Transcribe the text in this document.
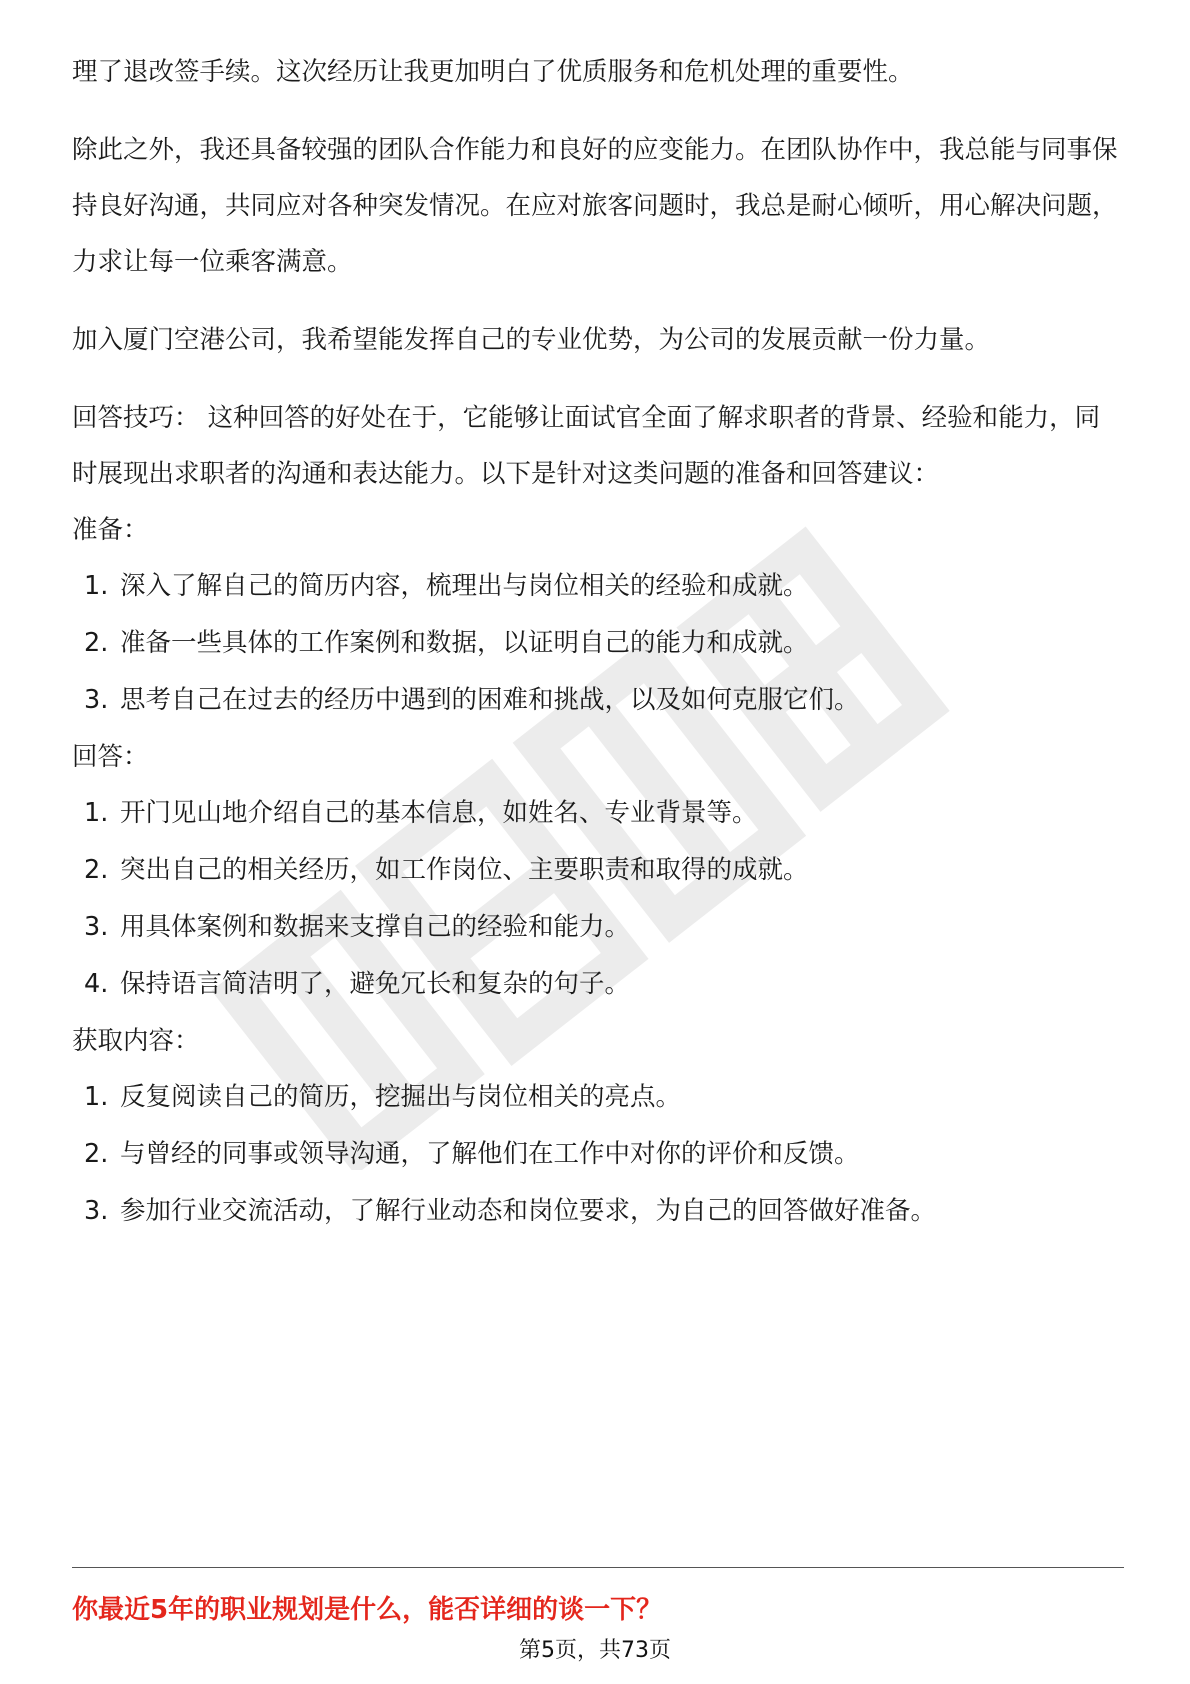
理了退改签手续。这次经历让我更加明白了优质服务和危机处理的重要性。

除此之外，我还具备较强的团队合作能力和良好的应变能力。在团队协作中，我总能与同事保持良好沟通，共同应对各种突发情况。在应对旅客问题时，我总是耐心倾听，用心解决问题，力求让每一位乘客满意。

加入厦门空港公司，我希望能发挥自己的专业优势，为公司的发展贡献一份力量。

回答技巧： 这种回答的好处在于，它能够让面试官全面了解求职者的背景、经验和能力，同时展现出求职者的沟通和表达能力。以下是针对这类问题的准备和回答建议：

准备：

1. 深入了解自己的简历内容，梳理出与岗位相关的经验和成就。
2. 准备一些具体的工作案例和数据，以证明自己的能力和成就。
3. 思考自己在过去的经历中遇到的困难和挑战，以及如何克服它们。

回答：

1. 开门见山地介绍自己的基本信息，如姓名、专业背景等。
2. 突出自己的相关经历，如工作岗位、主要职责和取得的成就。
3. 用具体案例和数据来支撑自己的经验和能力。
4. 保持语言简洁明了，避免冗长和复杂的句子。

获取内容：

1. 反复阅读自己的简历，挖掘出与岗位相关的亮点。
2. 与曾经的同事或领导沟通，了解他们在工作中对你的评价和反馈。
3. 参加行业交流活动，了解行业动态和岗位要求，为自己的回答做好准备。

你最近5年的职业规划是什么，能否详细的谈一下？

第5页，共73页
